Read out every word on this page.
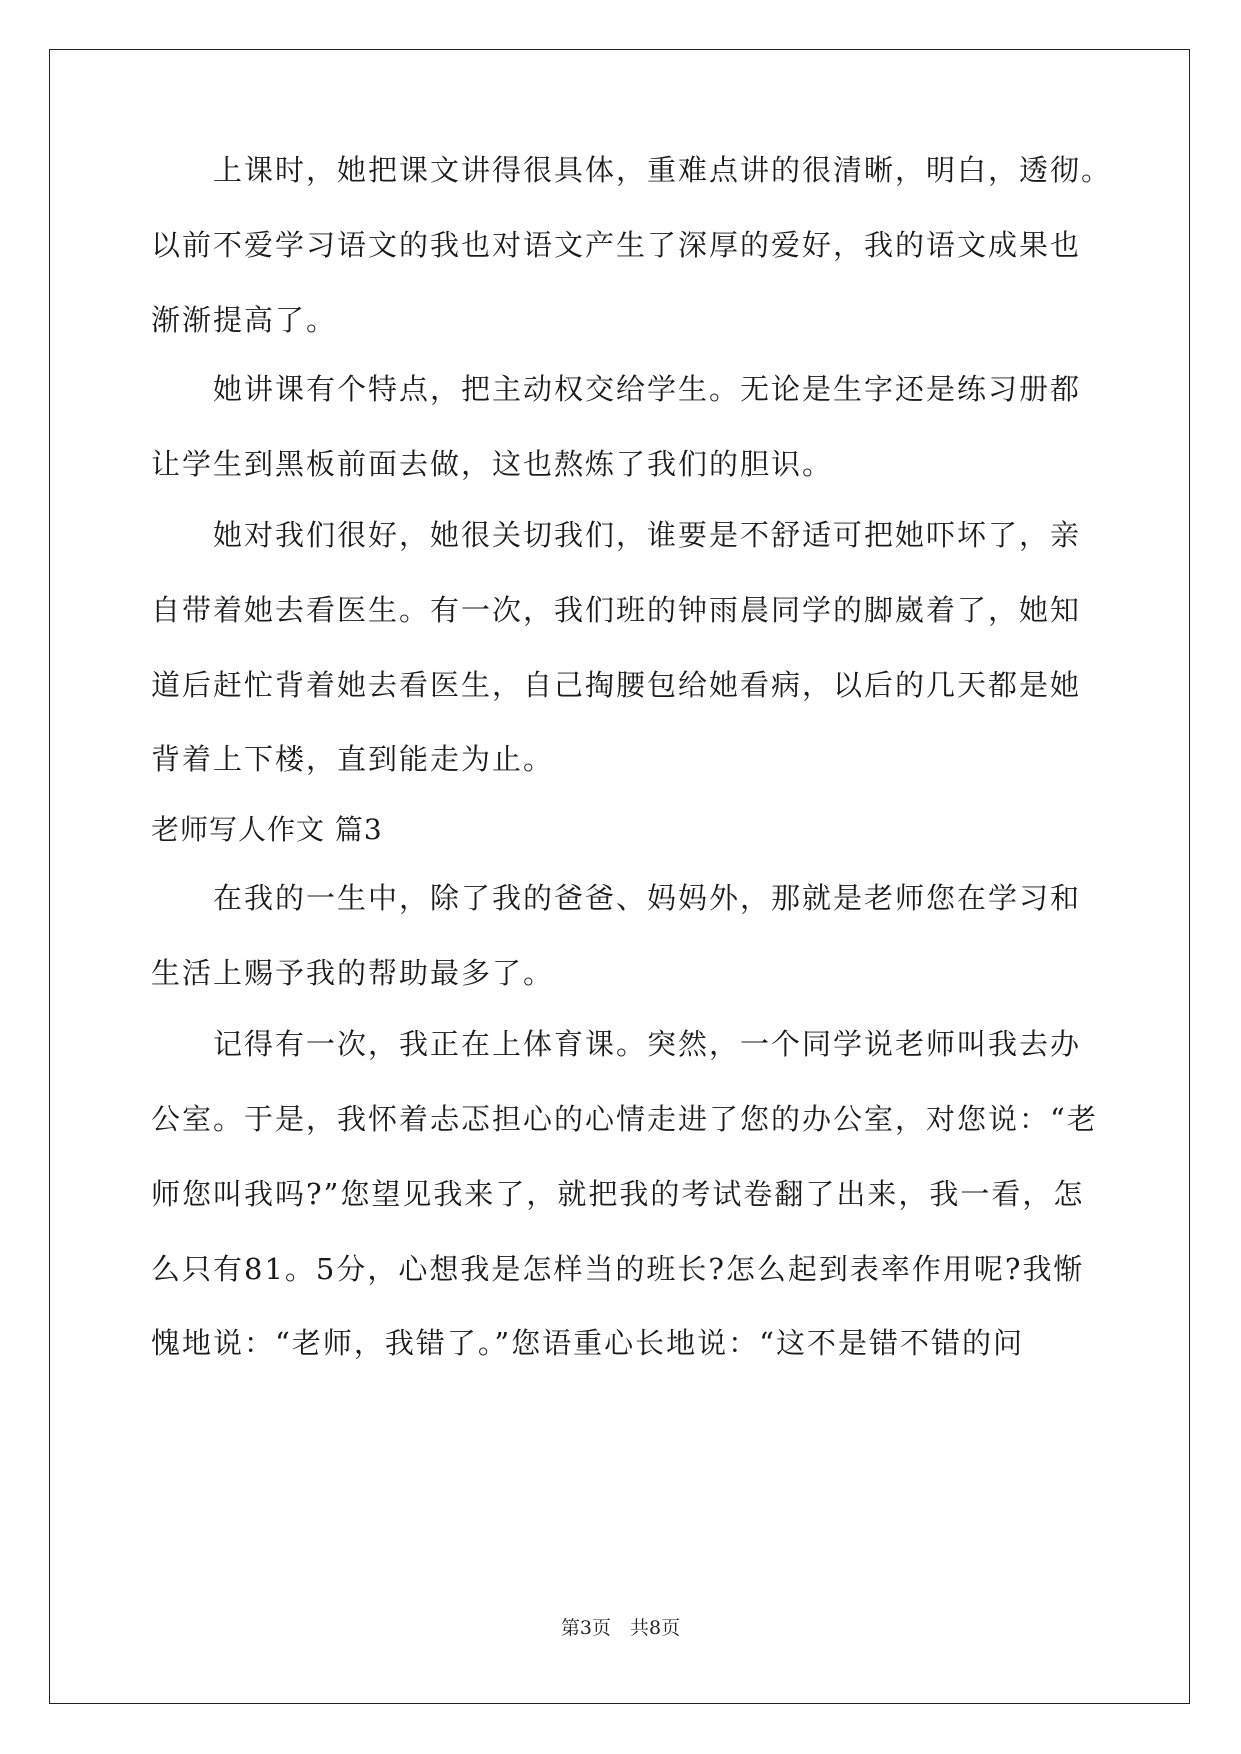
　　上课时，她把课文讲得很具体，重难点讲的很清晰，明白，透彻。
以前不爱学习语文的我也对语文产生了深厚的爱好，我的语文成果也
渐渐提高了。
　　她讲课有个特点，把主动权交给学生。无论是生字还是练习册都
让学生到黑板前面去做，这也熬炼了我们的胆识。
　　她对我们很好，她很关切我们，谁要是不舒适可把她吓坏了，亲
自带着她去看医生。有一次，我们班的钟雨晨同学的脚崴着了，她知
道后赶忙背着她去看医生，自己掏腰包给她看病，以后的几天都是她
背着上下楼，直到能走为止。
老师写人作文 篇3
　　在我的一生中，除了我的爸爸、妈妈外，那就是老师您在学习和
生活上赐予我的帮助最多了。
　　记得有一次，我正在上体育课。突然，一个同学说老师叫我去办
公室。于是，我怀着忐忑担心的心情走进了您的办公室，对您说：“老
师您叫我吗?”您望见我来了，就把我的考试卷翻了出来，我一看，怎
么只有81。5分，心想我是怎样当的班长?怎么起到表率作用呢?我惭
愧地说：“老师，我错了。”您语重心长地说：“这不是错不错的问
第3页　共8页
